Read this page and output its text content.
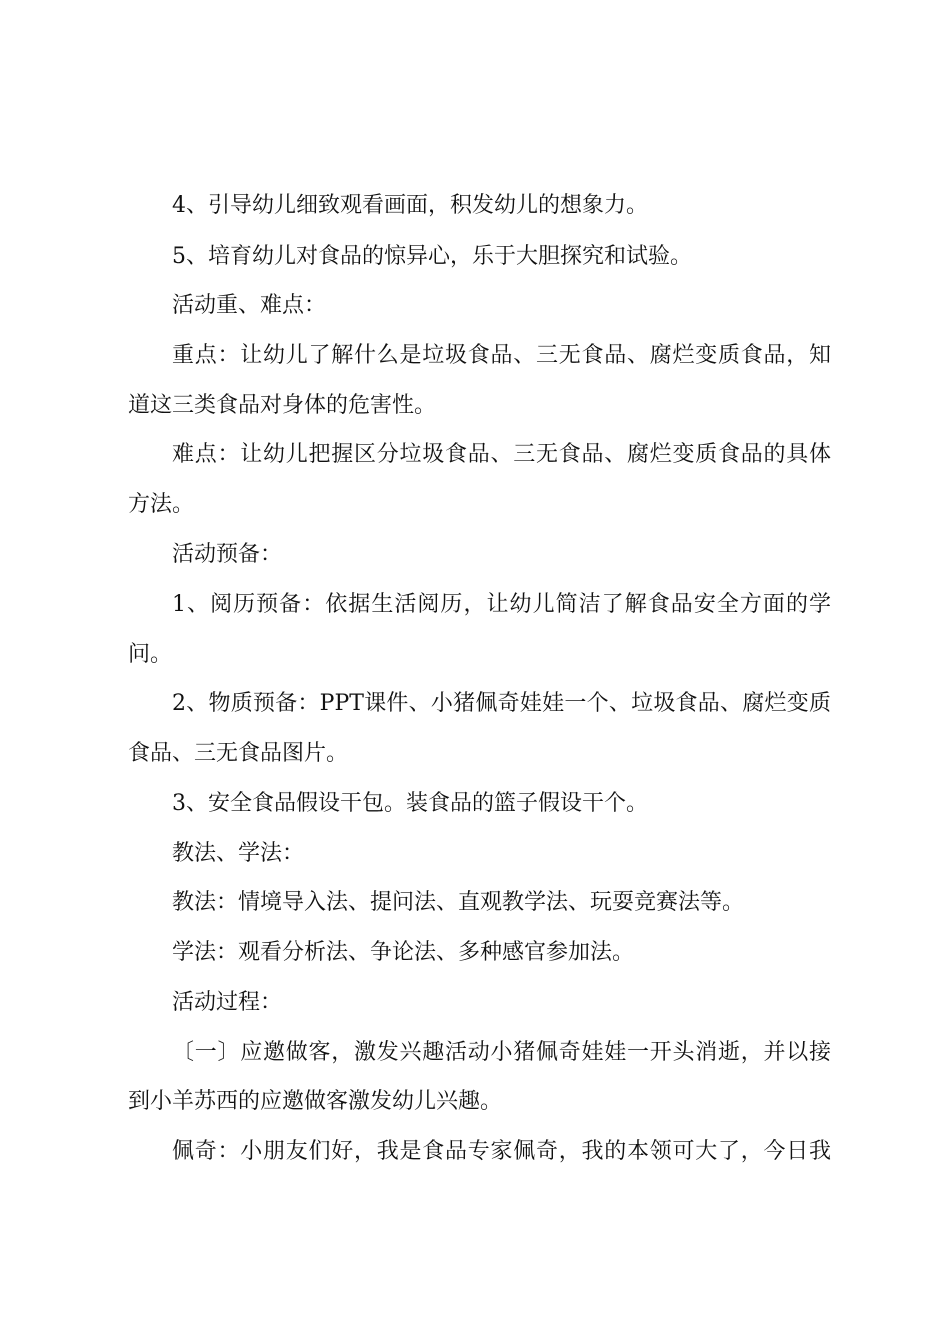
4、引导幼儿细致观看画面，积发幼儿的想象力。
5、培育幼儿对食品的惊异心，乐于大胆探究和试验。
活动重、难点：
重点：让幼儿了解什么是垃圾食品、三无食品、腐烂变质食品，知
道这三类食品对身体的危害性。
难点：让幼儿把握区分垃圾食品、三无食品、腐烂变质食品的具体
方法。
活动预备：
1、阅历预备：依据生活阅历，让幼儿简洁了解食品安全方面的学
问。
2、物质预备：PPT课件、小猪佩奇娃娃一个、垃圾食品、腐烂变质
食品、三无食品图片。
3、安全食品假设干包。装食品的篮子假设干个。
教法、学法：
教法：情境导入法、提问法、直观教学法、玩耍竞赛法等。
学法：观看分析法、争论法、多种感官参加法。
活动过程：
〔一〕应邀做客，激发兴趣活动小猪佩奇娃娃一开头消逝，并以接
到小羊苏西的应邀做客激发幼儿兴趣。
佩奇：小朋友们好，我是食品专家佩奇，我的本领可大了，今日我
